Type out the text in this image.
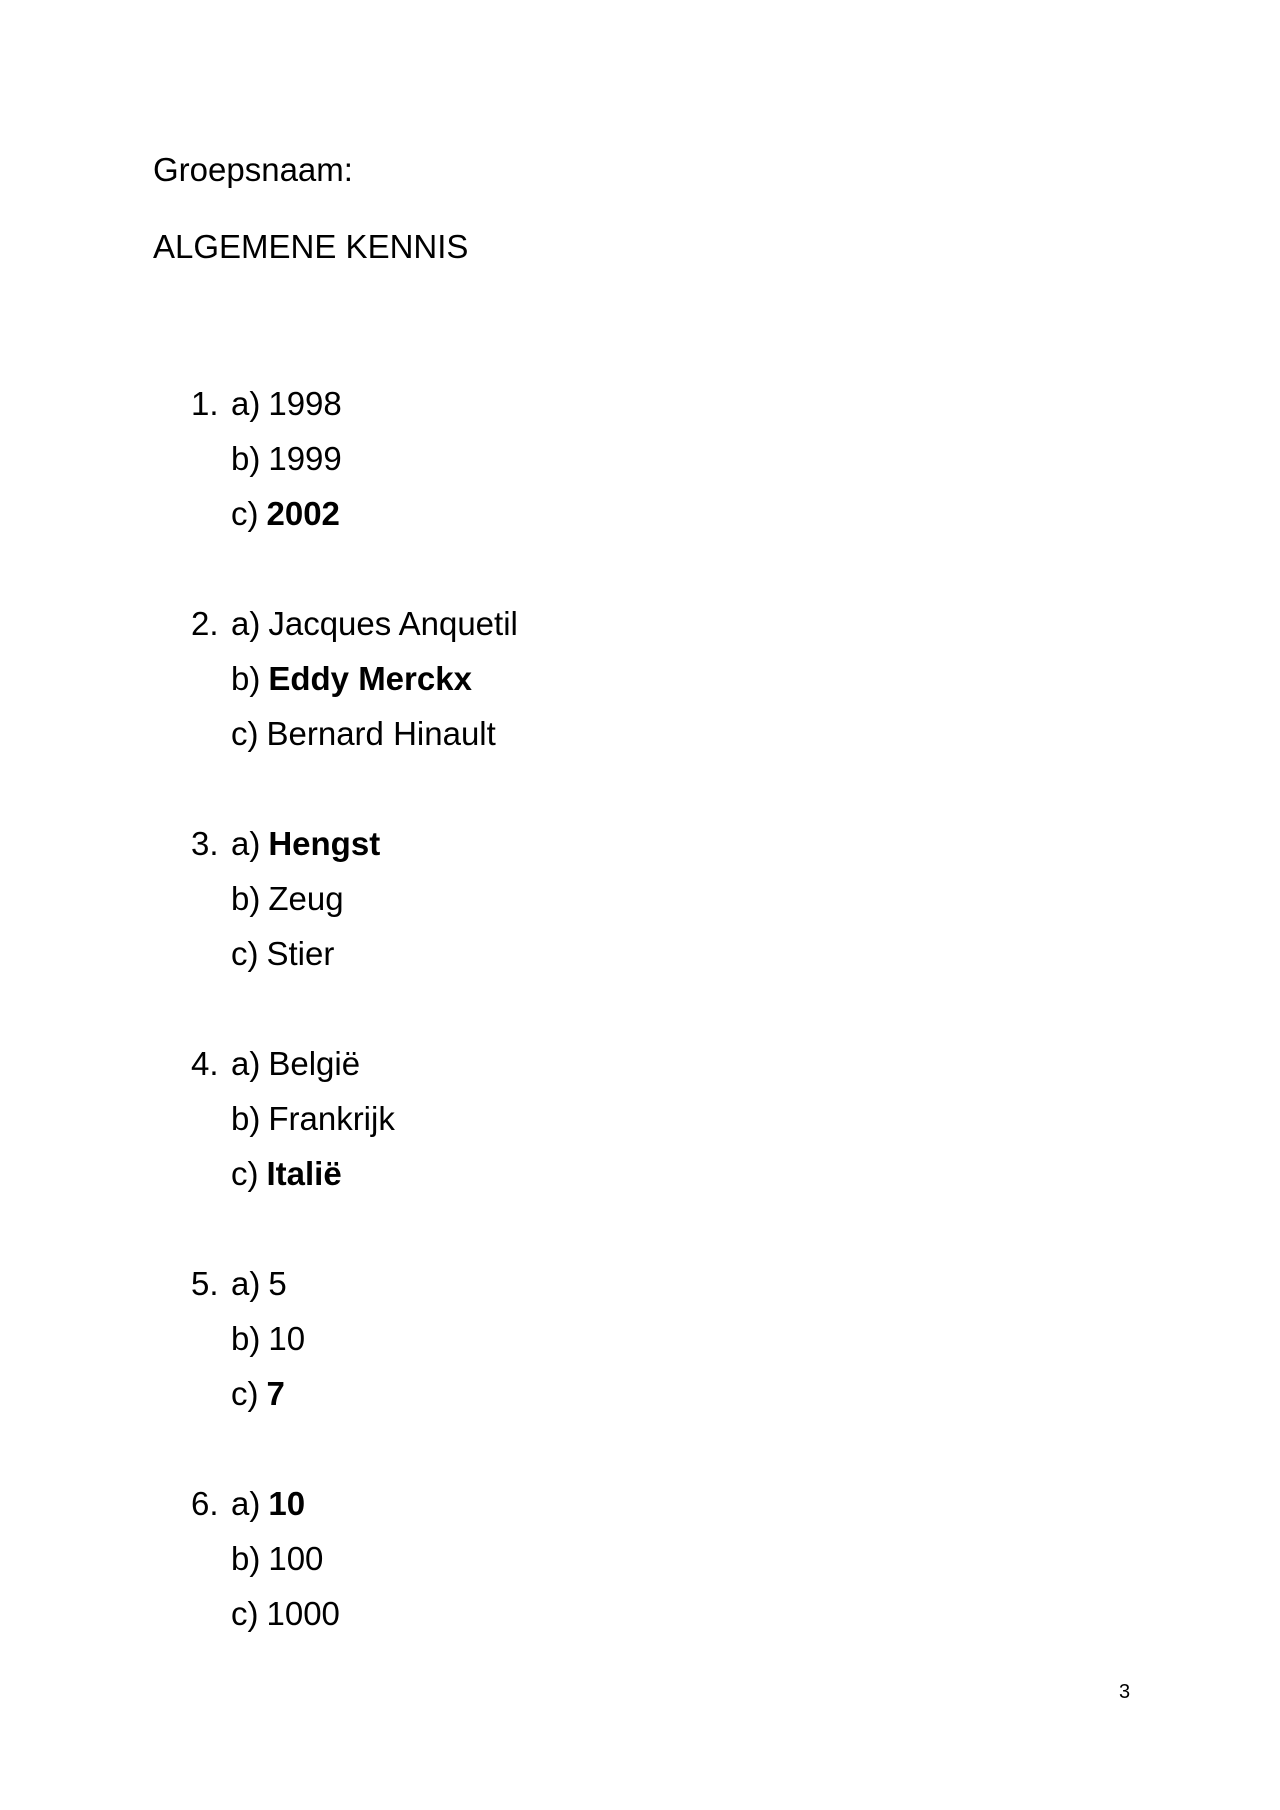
Groepsnaam:
ALGEMENE KENNIS
1. a) 1998
b) 1999
c) 2002
2. a) Jacques Anquetil
b) Eddy Merckx
c) Bernard Hinault
3. a) Hengst
b) Zeug
c) Stier
4. a) België
b) Frankrijk
c) Italië
5. a) 5
b) 10
c) 7
6. a) 10
b) 100
c) 1000
3
